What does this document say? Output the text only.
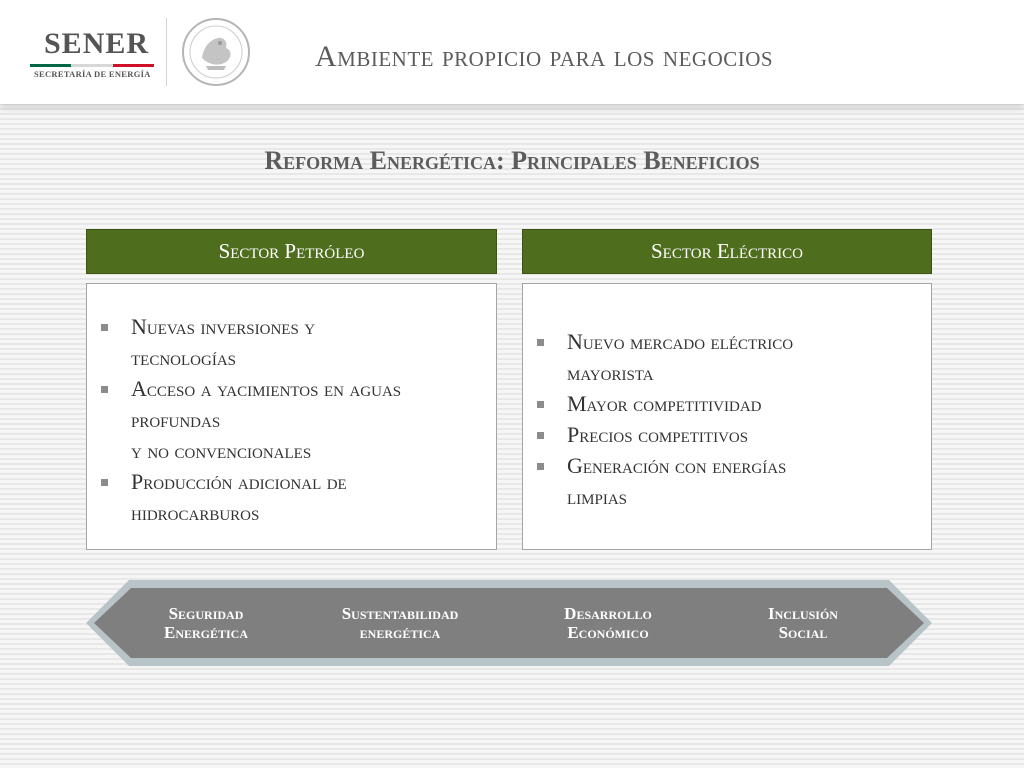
SENER
SECRETARÍA DE ENERGÍA
Ambiente propicio para los negocios
Reforma Energética: Principales Beneficios
Sector Petróleo	Sector Eléctrico
Nuevas inversiones y
tecnologías
Acceso a yacimientos en aguas
profundas
y no convencionales
Producción adicional de
hidrocarburos
Nuevo mercado eléctrico
mayorista
Mayor competitividad
Precios competitivos
Generación con energías
limpias
Seguridad
Energética
Sustentabilidad
energética
Desarrollo
Económico
Inclusión
Social
